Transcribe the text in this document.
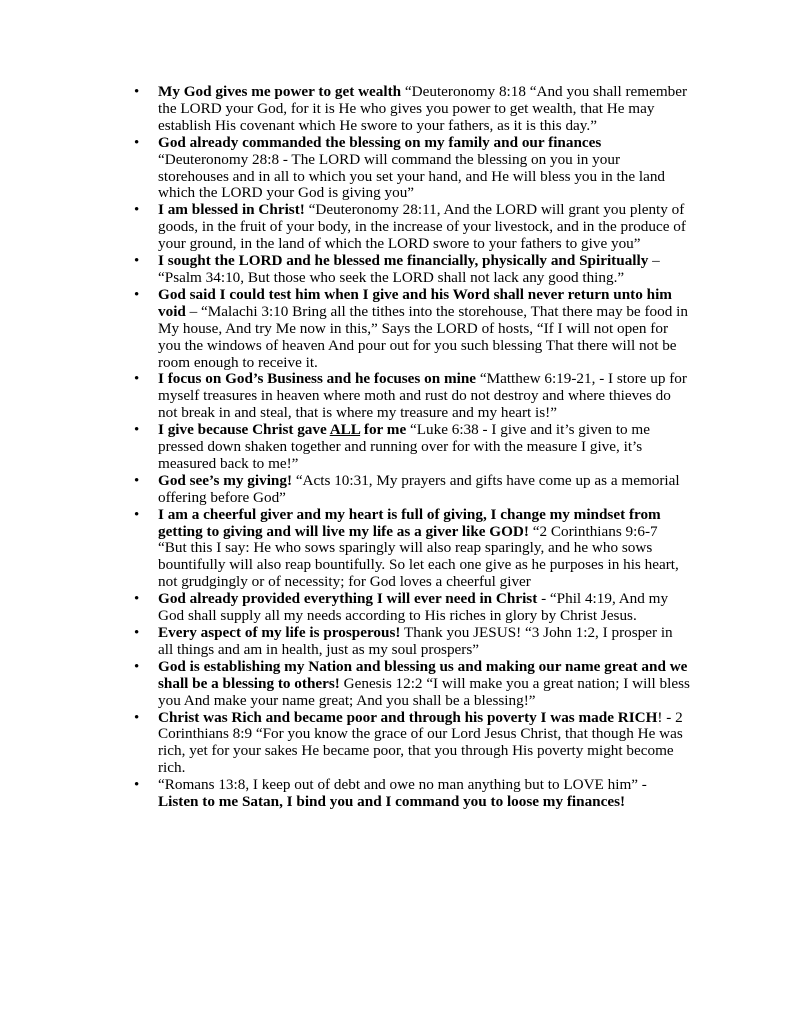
• My God gives me power to get wealth “Deuteronomy 8:18 “And you shall remember the LORD your God, for it is He who gives you power to get wealth, that He may establish His covenant which He swore to your fathers, as it is this day.”
• God already commanded the blessing on my family and our finances “Deuteronomy 28:8 - The LORD will command the blessing on you in your storehouses and in all to which you set your hand, and He will bless you in the land which the LORD your God is giving you”
• I am blessed in Christ! “Deuteronomy 28:11, And the LORD will grant you plenty of goods, in the fruit of your body, in the increase of your livestock, and in the produce of your ground, in the land of which the LORD swore to your fathers to give you”
• I sought the LORD and he blessed me financially, physically and Spiritually – “Psalm 34:10, But those who seek the LORD shall not lack any good thing.”
• God said I could test him when I give and his Word shall never return unto him void – “Malachi 3:10 Bring all the tithes into the storehouse, That there may be food in My house, And try Me now in this,” Says the LORD of hosts, “If I will not open for you the windows of heaven And pour out for you such blessing That there will not be room enough to receive it.
• I focus on God’s Business and he focuses on mine “Matthew 6:19-21, - I store up for myself treasures in heaven where moth and rust do not destroy and where thieves do not break in and steal, that is where my treasure and my heart is!”
• I give because Christ gave ALL for me “Luke 6:38 - I give and it’s given to me pressed down shaken together and running over for with the measure I give, it’s measured back to me!”
• God see’s my giving! “Acts 10:31, My prayers and gifts have come up as a memorial offering before God”
• I am a cheerful giver and my heart is full of giving, I change my mindset from getting to giving and will live my life as a giver like GOD! “2 Corinthians 9:6-7 “But this I say: He who sows sparingly will also reap sparingly, and he who sows bountifully will also reap bountifully. So let each one give as he purposes in his heart, not grudgingly or of necessity; for God loves a cheerful giver
• God already provided everything I will ever need in Christ - “Phil 4:19, And my God shall supply all my needs according to His riches in glory by Christ Jesus.
• Every aspect of my life is prosperous! Thank you JESUS! “3 John 1:2, I prosper in all things and am in health, just as my soul prospers”
• God is establishing my Nation and blessing us and making our name great and we shall be a blessing to others! Genesis 12:2 “I will make you a great nation; I will bless you And make your name great; And you shall be a blessing!”
• Christ was Rich and became poor and through his poverty I was made RICH! - 2 Corinthians 8:9 “For you know the grace of our Lord Jesus Christ, that though He was rich, yet for your sakes He became poor, that you through His poverty might become rich.
• “Romans 13:8, I keep out of debt and owe no man anything but to LOVE him” - Listen to me Satan, I bind you and I command you to loose my finances!
